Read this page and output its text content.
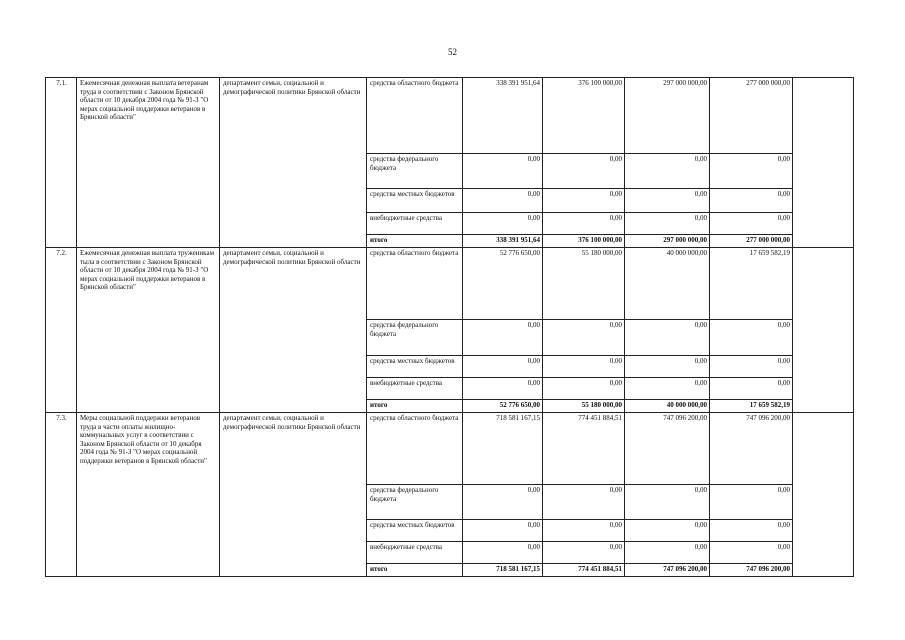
52
7.1.	Ежемесячная денежная выплата ветеранам труда в соответствии с Законом Брянской области от 10 декабря 2004 года № 91-З "О мерах социальной поддержки ветеранов в Брянской области"	департамент семьи, социальной и демографической политики Брянской области	средства областного бюджета	338 391 951,64	376 100 000,00	297 000 000,00	277 000 000,00	
			средства федерального бюджета	0,00	0,00	0,00	0,00	
			средства местных бюджетов	0,00	0,00	0,00	0,00	
			внебюджетные средства	0,00	0,00	0,00	0,00	
			итого	338 391 951,64	376 100 000,00	297 000 000,00	277 000 000,00	
7.2.	Ежемесячная денежная выплата труженикам тыла в соответствии с Законом Брянской области от 10 декабря 2004 года № 91-З "О мерах социальной поддержки ветеранов в Брянской области"	департамент семьи, социальной и демографической политики Брянской области	средства областного бюджета	52 776 650,00	55 180 000,00	40 000 000,00	17 659 582,19	
			средства федерального бюджета	0,00	0,00	0,00	0,00	
			средства местных бюджетов	0,00	0,00	0,00	0,00	
			внебюджетные средства	0,00	0,00	0,00	0,00	
			итого	52 776 650,00	55 180 000,00	40 000 000,00	17 659 582,19	
7.3.	Меры социальной поддержки ветеранов труда в части оплаты жилищно-коммунальных услуг в соответствии с Законом Брянской области от 10 декабря 2004 года № 91-З "О мерах социальной поддержки ветеранов в Брянской области"	департамент семьи, социальной и демографической политики Брянской области	средства областного бюджета	718 581 167,15	774 451 884,51	747 096 200,00	747 096 200,00	
			средства федерального бюджета	0,00	0,00	0,00	0,00	
			средства местных бюджетов	0,00	0,00	0,00	0,00	
			внебюджетные средства	0,00	0,00	0,00	0,00	
			итого	718 581 167,15	774 451 884,51	747 096 200,00	747 096 200,00	
